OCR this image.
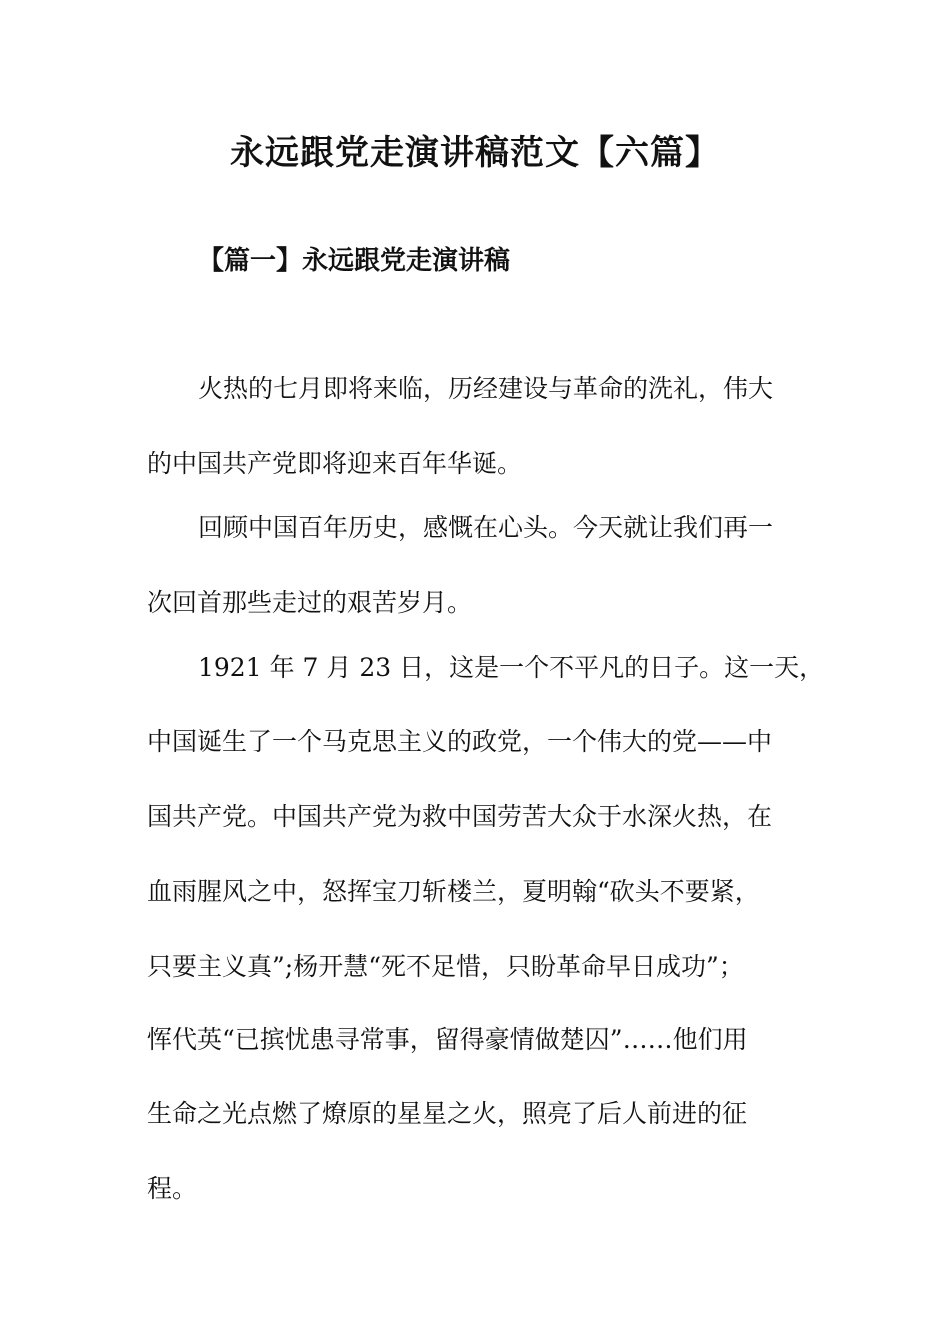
永远跟党走演讲稿范文【六篇】
【篇一】永远跟党走演讲稿
火热的七月即将来临，历经建设与革命的洗礼，伟大
的中国共产党即将迎来百年华诞。
回顾中国百年历史，感慨在心头。今天就让我们再一
次回首那些走过的艰苦岁月。
1921 年 7 月 23 日，这是一个不平凡的日子。这一天，
中国诞生了一个马克思主义的政党，一个伟大的党——中
国共产党。中国共产党为救中国劳苦大众于水深火热，在
血雨腥风之中，怒挥宝刀斩楼兰，夏明翰“砍头不要紧，
只要主义真”;杨开慧“死不足惜，只盼革命早日成功”；
恽代英“已摈忧患寻常事，留得豪情做楚囚”……他们用
生命之光点燃了燎原的星星之火，照亮了后人前进的征
程。
